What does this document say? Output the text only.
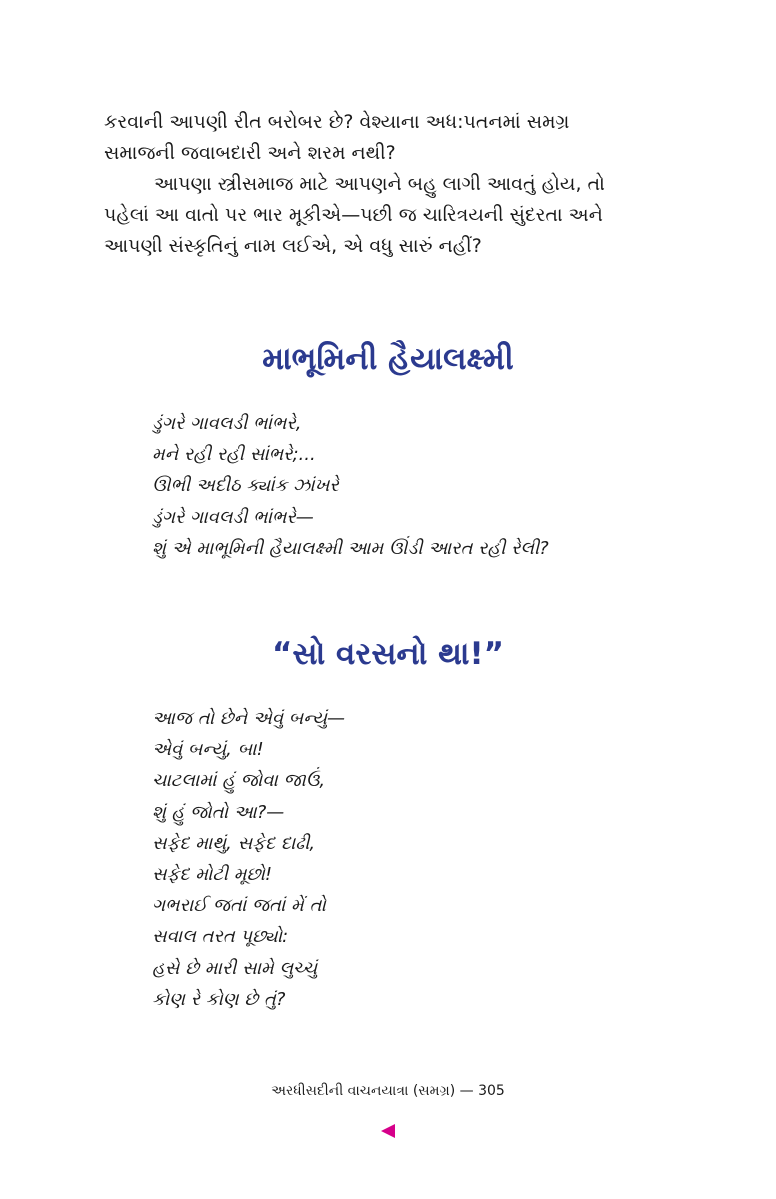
કરવાની આપણી રીત બરોબર છે? વેશ્યાના અધ:પતનમાં સમગ્ર
સમાજની જવાબદારી અને શરમ નથી?
આપણા સ્ત્રીસમાજ માટે આપણને બહુ લાગી આવતું હોય, તો
પહેલાં આ વાતો પર ભાર મૂકીએ—પછી જ ચારિત્રયની સુંદરતા અને
આપણી સંસ્કૃતિનું નામ લઈએ, એ વધુ સારું નહીં?
માભૂમિની હૈયાલક્ષ્મી
ડુંગરે ગાવલડી ભાંભરે,
મને રહી રહી સાંભરે;...
ઊભી અદીઠ ક્યાંક ઝાંખરે
ડુંગરે ગાવલડી ભાંભરે—
શું એ માભૂમિની હૈયાલક્ષ્મી આમ ઊંડી આરત રહી રેલી?
“સો વરસનો થા!”
આજ તો છેને એવું બન્યું—
એવું બન્યું, બા!
ચાટલામાં હું જોવા જાઉં,
શું હું જોતો આ?—
સફેદ માથું, સફેદ દાઢી,
સફેદ મોટી મૂછો!
ગભરાઈ જતાં જતાં મેં તો
સવાલ તરત પૂછ્યો:
હસે છે મારી સામે લુચ્ચું
કોણ રે કોણ છે તું?
અરધીસદીની વાચનયાત્રા (સમગ્ર) — 305
